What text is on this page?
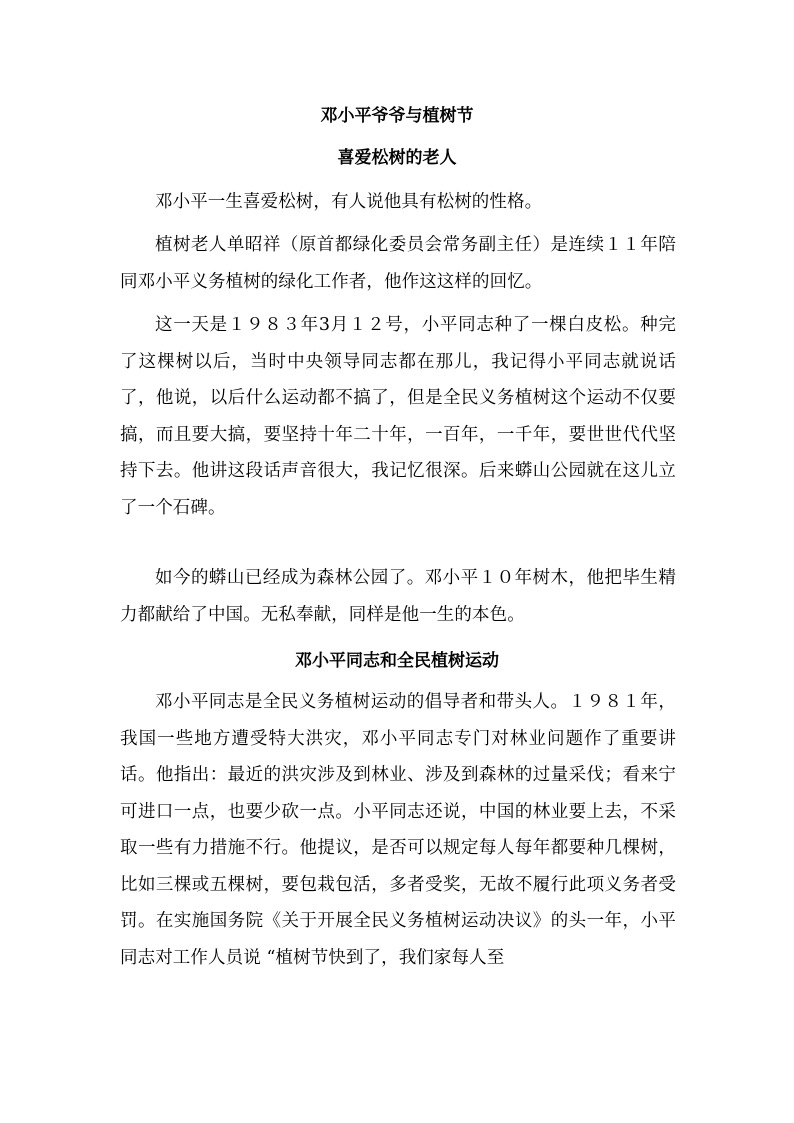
邓小平爷爷与植树节
喜爱松树的老人

邓小平一生喜爱松树，有人说他具有松树的性格。

植树老人单昭祥（原首都绿化委员会常务副主任）是连续１１年陪同邓小平义务植树的绿化工作者，他作这这样的回忆。

这一天是１９８３年3月１２号，小平同志种了一棵白皮松。种完了这棵树以后，当时中央领导同志都在那儿，我记得小平同志就说话了，他说，以后什么运动都不搞了，但是全民义务植树这个运动不仅要搞，而且要大搞，要坚持十年二十年，一百年，一千年，要世世代代坚持下去。他讲这段话声音很大，我记忆很深。后来蟒山公园就在这儿立了一个石碑。

如今的蟒山已经成为森林公园了。邓小平１０年树木，他把毕生精力都献给了中国。无私奉献，同样是他一生的本色。

邓小平同志和全民植树运动

邓小平同志是全民义务植树运动的倡导者和带头人。１９８１年，我国一些地方遭受特大洪灾，邓小平同志专门对林业问题作了重要讲话。他指出：最近的洪灾涉及到林业、涉及到森林的过量采伐；看来宁可进口一点，也要少砍一点。小平同志还说，中国的林业要上去，不采取一些有力措施不行。他提议，是否可以规定每人每年都要种几棵树，比如三棵或五棵树，要包栽包活，多者受奖，无故不履行此项义务者受罚。在实施国务院《关于开展全民义务植树运动决议》的头一年，小平同志对工作人员说 “植树节快到了，我们家每人至
